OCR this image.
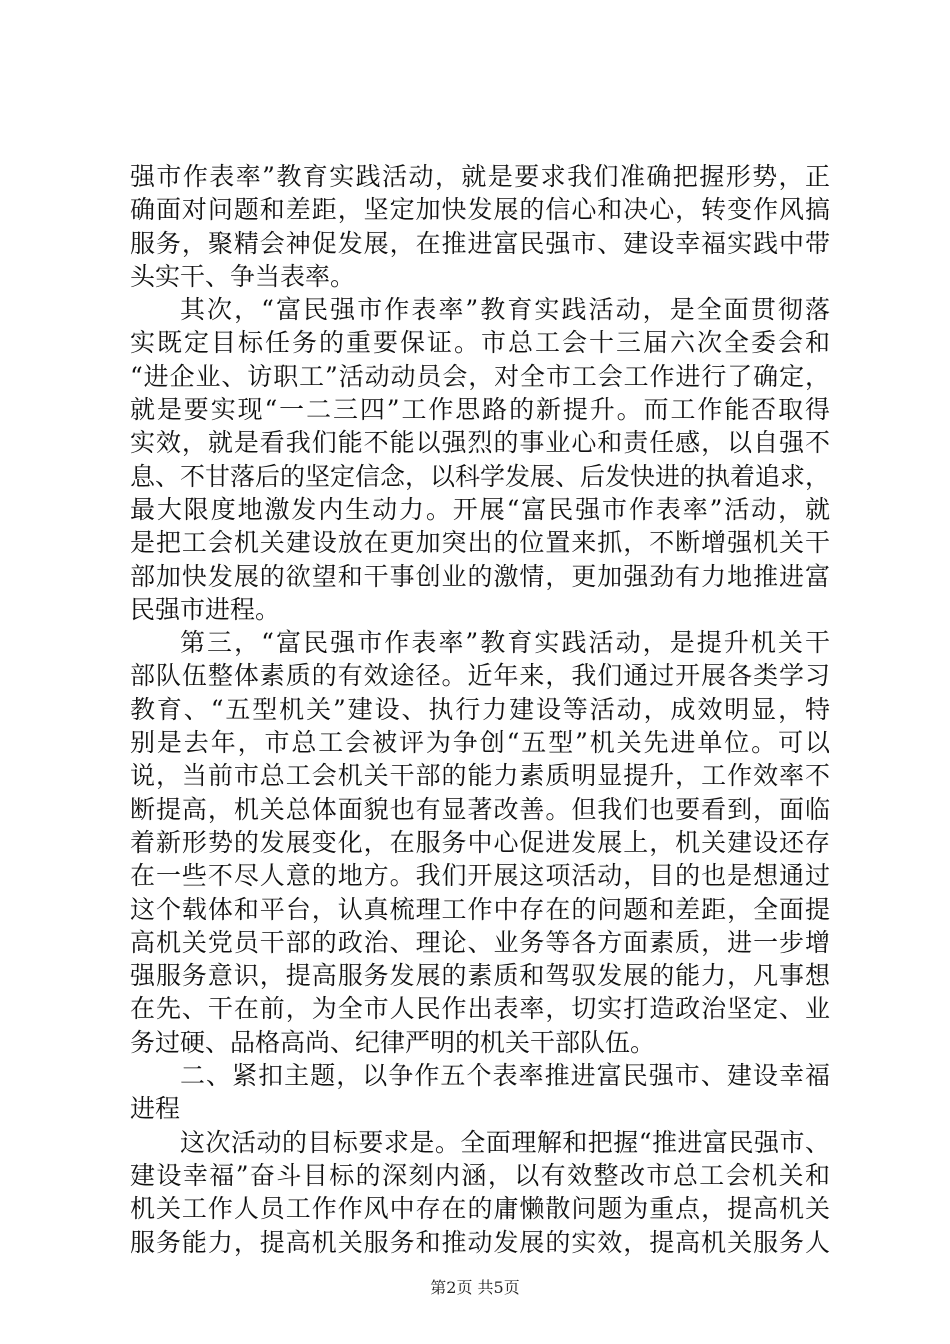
强市作表率”教育实践活动，就是要求我们准确把握形势，正
确面对问题和差距，坚定加快发展的信心和决心，转变作风搞
服务，聚精会神促发展，在推进富民强市、建设幸福实践中带
头实干、争当表率。
其次，“富民强市作表率”教育实践活动，是全面贯彻落
实既定目标任务的重要保证。市总工会十三届六次全委会和
“进企业、访职工”活动动员会，对全市工会工作进行了确定，
就是要实现“一二三四”工作思路的新提升。而工作能否取得
实效，就是看我们能不能以强烈的事业心和责任感，以自强不
息、不甘落后的坚定信念，以科学发展、后发快进的执着追求，
最大限度地激发内生动力。开展“富民强市作表率”活动，就
是把工会机关建设放在更加突出的位置来抓，不断增强机关干
部加快发展的欲望和干事创业的激情，更加强劲有力地推进富
民强市进程。
第三，“富民强市作表率”教育实践活动，是提升机关干
部队伍整体素质的有效途径。近年来，我们通过开展各类学习
教育、“五型机关”建设、执行力建设等活动，成效明显，特
别是去年，市总工会被评为争创“五型”机关先进单位。可以
说，当前市总工会机关干部的能力素质明显提升，工作效率不
断提高，机关总体面貌也有显著改善。但我们也要看到，面临
着新形势的发展变化，在服务中心促进发展上，机关建设还存
在一些不尽人意的地方。我们开展这项活动，目的也是想通过
这个载体和平台，认真梳理工作中存在的问题和差距，全面提
高机关党员干部的政治、理论、业务等各方面素质，进一步增
强服务意识，提高服务发展的素质和驾驭发展的能力，凡事想
在先、干在前，为全市人民作出表率，切实打造政治坚定、业
务过硬、品格高尚、纪律严明的机关干部队伍。
二、紧扣主题，以争作五个表率推进富民强市、建设幸福
进程
这次活动的目标要求是。全面理解和把握“推进富民强市、
建设幸福”奋斗目标的深刻内涵，以有效整改市总工会机关和
机关工作人员工作作风中存在的庸懒散问题为重点，提高机关
服务能力，提高机关服务和推动发展的实效，提高机关服务人
第2页 共5页
